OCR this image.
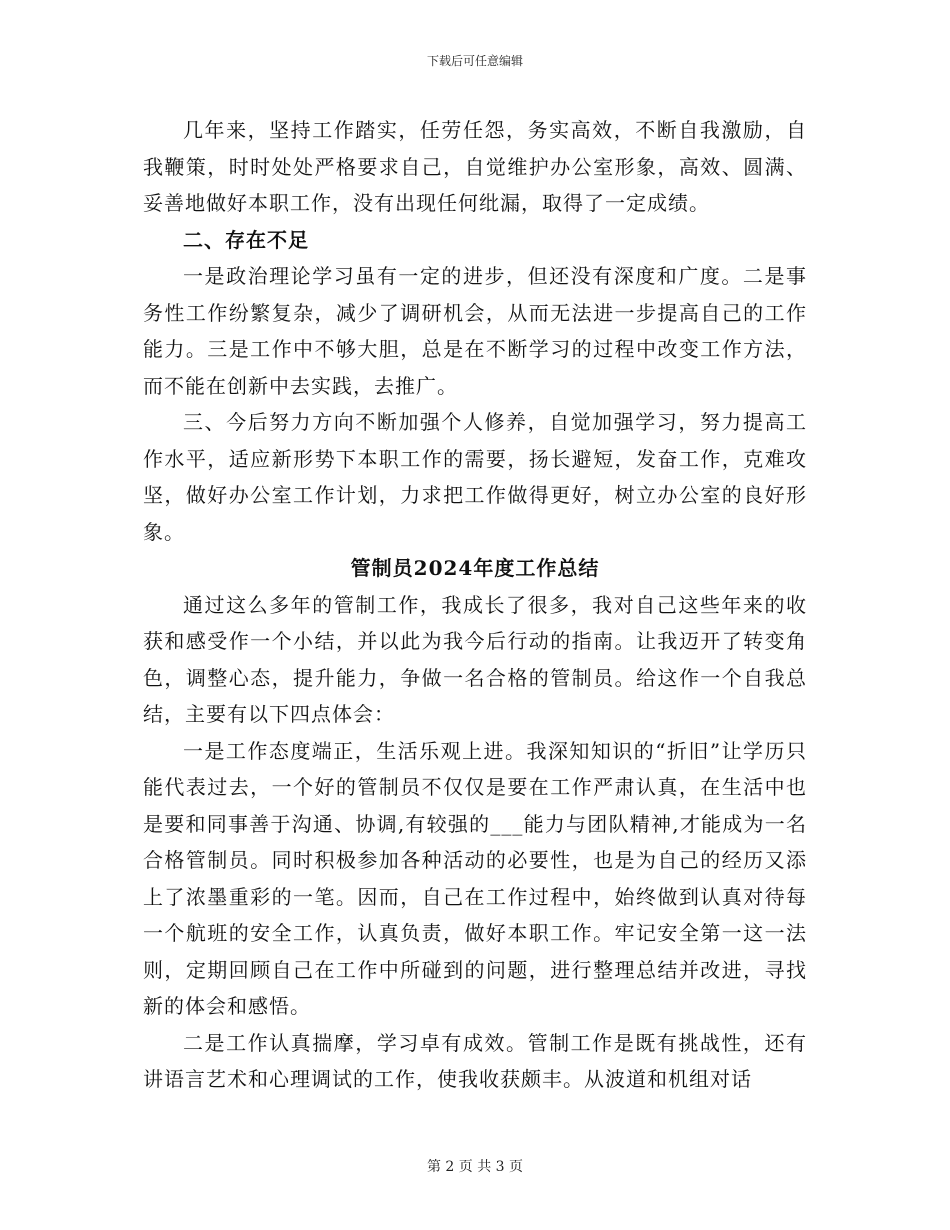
下载后可任意编辑

几年来，坚持工作踏实，任劳任怨，务实高效，不断自我激励，自我鞭策，时时处处严格要求自己，自觉维护办公室形象，高效、圆满、妥善地做好本职工作，没有出现任何纰漏，取得了一定成绩。

二、存在不足

一是政治理论学习虽有一定的进步，但还没有深度和广度。二是事务性工作纷繁复杂，减少了调研机会，从而无法进一步提高自己的工作能力。三是工作中不够大胆，总是在不断学习的过程中改变工作方法，而不能在创新中去实践，去推广。

三、今后努力方向不断加强个人修养，自觉加强学习，努力提高工作水平，适应新形势下本职工作的需要，扬长避短，发奋工作，克难攻坚，做好办公室工作计划，力求把工作做得更好，树立办公室的良好形象。

管制员2024年度工作总结

通过这么多年的管制工作，我成长了很多，我对自己这些年来的收获和感受作一个小结，并以此为我今后行动的指南。让我迈开了转变角色，调整心态，提升能力，争做一名合格的管制员。给这作一个自我总结，主要有以下四点体会：

一是工作态度端正，生活乐观上进。我深知知识的“折旧”让学历只能代表过去，一个好的管制员不仅仅是要在工作严肃认真，在生活中也是要和同事善于沟通、协调,有较强的___能力与团队精神,才能成为一名合格管制员。同时积极参加各种活动的必要性，也是为自己的经历又添上了浓墨重彩的一笔。因而，自己在工作过程中，始终做到认真对待每一个航班的安全工作，认真负责，做好本职工作。牢记安全第一这一法则，定期回顾自己在工作中所碰到的问题，进行整理总结并改进，寻找新的体会和感悟。

二是工作认真揣摩，学习卓有成效。管制工作是既有挑战性，还有讲语言艺术和心理调试的工作，使我收获颇丰。从波道和机组对话

第 2 页 共 3 页
